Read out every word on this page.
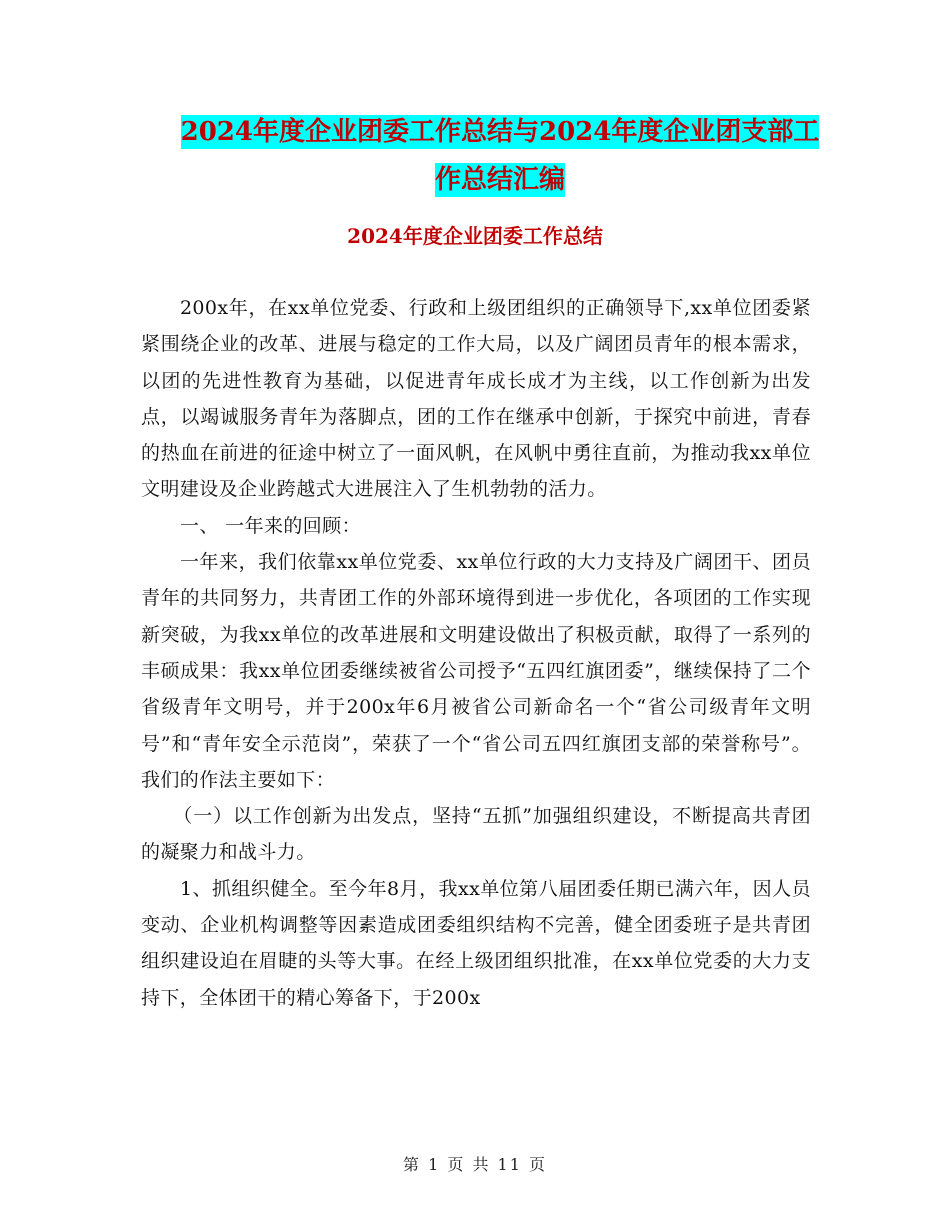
2024年度企业团委工作总结与2024年度企业团支部工
作总结汇编
2024年度企业团委工作总结

200x年，在xx单位党委、行政和上级团组织的正确领导下,xx单位团委紧紧围绕企业的改革、进展与稳定的工作大局，以及广阔团员青年的根本需求，以团的先进性教育为基础，以促进青年成长成才为主线，以工作创新为出发点，以竭诚服务青年为落脚点，团的工作在继承中创新，于探究中前进，青春的热血在前进的征途中树立了一面风帆，在风帆中勇往直前，为推动我xx单位文明建设及企业跨越式大进展注入了生机勃勃的活力。

一、 一年来的回顾：

一年来，我们依靠xx单位党委、xx单位行政的大力支持及广阔团干、团员青年的共同努力，共青团工作的外部环境得到进一步优化，各项团的工作实现新突破，为我xx单位的改革进展和文明建设做出了积极贡献，取得了一系列的丰硕成果：我xx单位团委继续被省公司授予“五四红旗团委”，继续保持了二个省级青年文明号，并于200x年6月被省公司新命名一个“省公司级青年文明号”和“青年安全示范岗”，荣获了一个“省公司五四红旗团支部的荣誉称号”。我们的作法主要如下：

（一）以工作创新为出发点，坚持“五抓”加强组织建设，不断提高共青团的凝聚力和战斗力。

1、抓组织健全。至今年8月，我xx单位第八届团委任期已满六年，因人员变动、企业机构调整等因素造成团委组织结构不完善，健全团委班子是共青团组织建设迫在眉睫的头等大事。在经上级团组织批准，在xx单位党委的大力支持下，全体团干的精心筹备下，于200x

第 1 页 共 11 页
